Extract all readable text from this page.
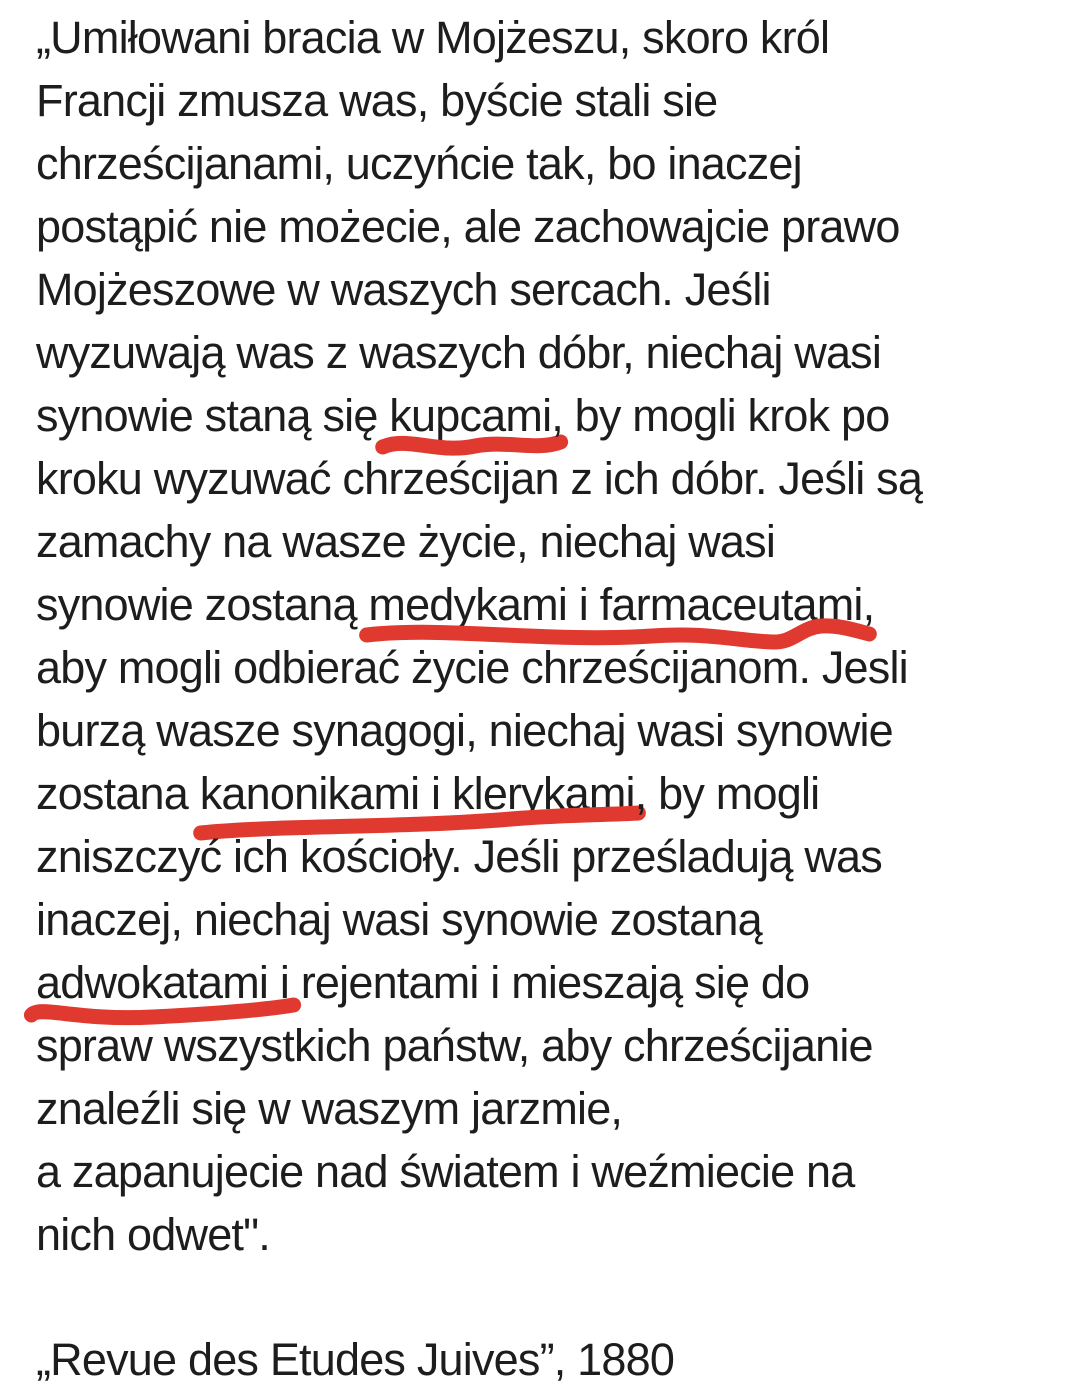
„Umiłowani bracia w Mojżeszu, skoro król
Francji zmusza was, byście stali sie
chrześcijanami, uczyńcie tak, bo inaczej
postąpić nie możecie, ale zachowajcie prawo
Mojżeszowe w waszych sercach. Jeśli
wyzuwają was z waszych dóbr, niechaj wasi
synowie staną się kupcami
, by mogli krok po
kroku wyzuwać chrześcijan z ich dóbr. Jeśli są
zamachy na wasze życie, niechaj wasi
synowie zostaną medykami i farmaceutami
,
aby mogli odbierać życie chrześcijanom. Jesli
burzą wasze synagogi, niechaj wasi synowie
zostana kanonikami i klerykami
, by mogli
zniszczyć ich kościoły. Jeśli prześladują was
inaczej, niechaj wasi synowie zostaną
adwokatami
i rejentami i mieszają się do
spraw wszystkich państw, aby chrześcijanie
znaleźli się w waszym jarzmie,
a zapanujecie nad światem i weźmiecie na
nich odwet".
„Revue des Etudes Juives”, 1880
